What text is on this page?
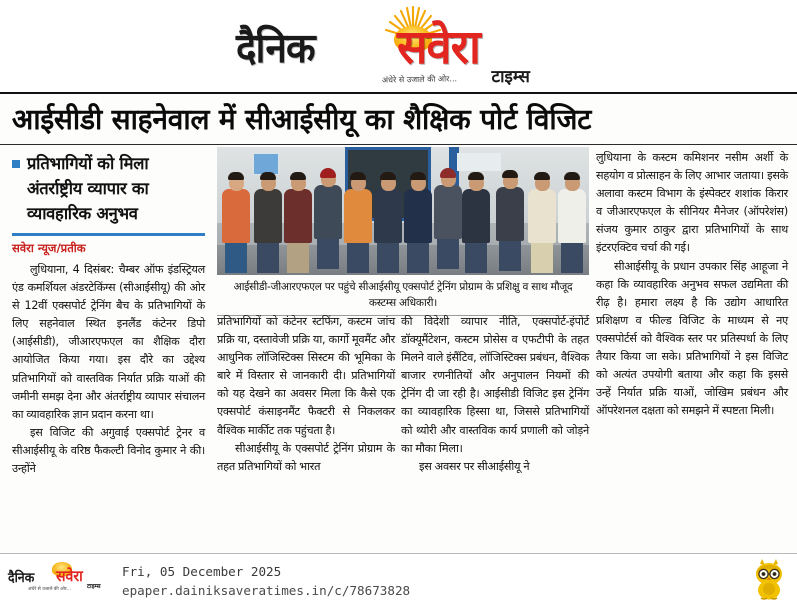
दैनिक सवेरा
टाइम्स
अंधेरे से उजाले की ओर...
आईसीडी साहनेवाल में सीआईसीयू का शैक्षिक पोर्ट विजिट
प्रतिभागियों को मिला अंतर्राष्ट्रीय व्यापार का व्यावहारिक अनुभव
सवेरा न्यूज/प्रतीक

लुधियाना, 4 दिसंबर: चैम्बर ऑफ इंडस्ट्रियल एंड कमर्शियल अंडरटेकिंग्स (सीआईसीयू) की ओर से 12वीं एक्सपोर्ट ट्रेनिंग बैच के प्रतिभागियों के लिए सहनेवाल स्थित इनलैंड कंटेनर डिपो (आईसीडी), जीआरएफएल का शैक्षिक दौरा आयोजित किया गया। इस दौरे का उद्देश्य प्रतिभागियों को वास्तविक निर्यात प्रक्रि याओं की जमीनी समझ देना और अंतर्राष्ट्रीय व्यापार संचालन का व्यावहारिक ज्ञान प्रदान करना था।

इस विजिट की अगुवाई एक्सपोर्ट ट्रेनर व सीआईसीयू के वरिष्ठ फैकल्टी विनोद कुमार ने की। उन्होंने

आईसीडी-जीआरएफएल पर पहुंचे सीआईसीयू एक्सपोर्ट ट्रेनिंग प्रोग्राम के प्रशिक्षु व साथ मौजूद कस्टम्स अधिकारी।

प्रतिभागियों को कंटेनर स्टफिंग, कस्टम जांच प्रक्रि या, दस्तावेजी प्रक्रि या, कार्गो मूवमैंट और आधुनिक लॉजिस्टिक्स सिस्टम की भूमिका के बारे में विस्तार से जानकारी दी। प्रतिभागियों को यह देखने का अवसर मिला कि कैसे एक एक्सपोर्ट कंसाइनमैंट फैक्टरी से निकलकर वैश्विक मार्कीट तक पहुंचता है।

सीआईसीयू के एक्सपोर्ट ट्रेनिंग प्रोग्राम के तहत प्रतिभागियों को भारत

की विदेशी व्यापार नीति, एक्सपोर्ट-इंपोर्ट डॉक्यूमैंटेशन, कस्टम प्रोसेस व एफटीपी के तहत मिलने वाले इंसैंटिव, लॉजिस्टिक्स प्रबंधन, वैश्विक बाजार रणनीतियों और अनुपालन नियमों की ट्रेनिंग दी जा रही है। आईसीडी विजिट इस ट्रेनिंग का व्यावहारिक हिस्सा था, जिससे प्रतिभागियों को थ्योरी और वास्तविक कार्य प्रणाली को जोड़ने का मौका मिला।

इस अवसर पर सीआईसीयू ने

लुधियाना के कस्टम कमिशनर नसीम अर्शी के सहयोग व प्रोत्साहन के लिए आभार जताया। इसके अलावा कस्टम विभाग के इंस्पेक्टर शशांक किरार व जीआरएफएल के सीनियर मैनेजर (ऑपरेशंस) संजय कुमार ठाकुर द्वारा प्रतिभागियों के साथ इंटरएक्टिव चर्चा की गई।

सीआईसीयू के प्रधान उपकार सिंह आहूजा ने कहा कि व्यावहारिक अनुभव सफल उद्यमिता की रीढ़ है। हमारा लक्ष्य है कि उद्योग आधारित प्रशिक्षण व फील्ड विजिट के माध्यम से नए एक्सपोर्टर्स को वैश्विक स्तर पर प्रतिस्पर्धा के लिए तैयार किया जा सके। प्रतिभागियों ने इस विजिट को अत्यंत उपयोगी बताया और कहा कि इससे उन्हें निर्यात प्रक्रि याओं, जोखिम प्रबंधन और ऑपरेशनल दक्षता को समझने में स्पष्टता मिली।

दैनिक सवेरा
टाइम्स
अंधेरे से उजाले की ओर...
Fri, 05 December 2025
epaper.dainiksaveratimes.in/c/78673828
